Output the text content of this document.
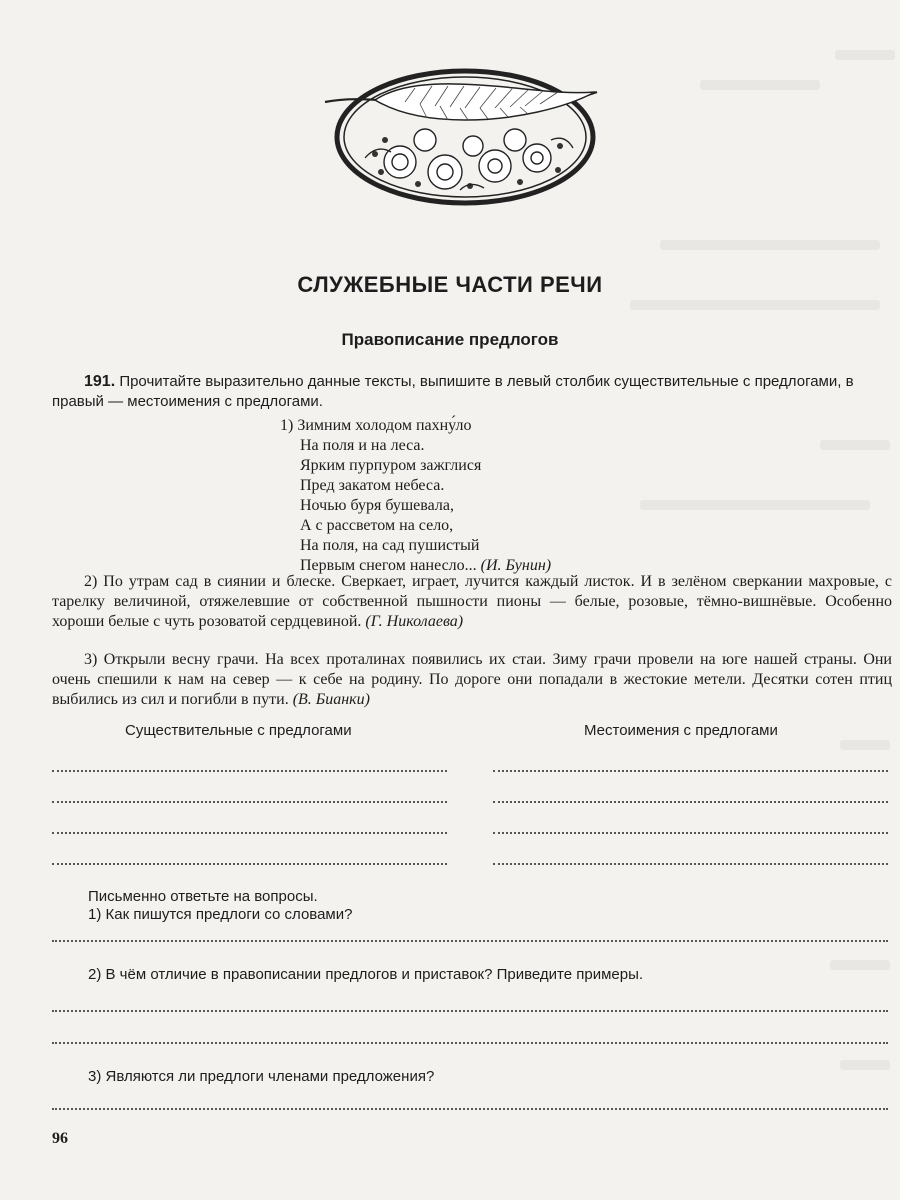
СЛУЖЕБНЫЕ ЧАСТИ РЕЧИ
Правописание предлогов
191. Прочитайте выразительно данные тексты, выпишите в левый столбик существительные с предлогами, в правый — местоимения с предлогами.
1) Зимним холодом пахну́ло
На поля и на леса.
Ярким пурпуром зажглися
Пред закатом небеса.
Ночью буря бушевала,
А с рассветом на село,
На поля, на сад пушистый
Первым снегом нанесло... (И. Бунин)
2) По утрам сад в сиянии и блеске. Сверкает, играет, лучится каждый листок. И в зелёном сверкании махровые, с тарелку величиной, отяжелевшие от собственной пышности пионы — белые, розовые, тёмно-вишнёвые. Особенно хороши белые с чуть розоватой сердцевиной. (Г. Николаева)
3) Открыли весну грачи. На всех проталинах появились их стаи. Зиму грачи провели на юге нашей страны. Они очень спешили к нам на север — к себе на родину. По дороге они попадали в жестокие метели. Десятки сотен птиц выбились из сил и погибли в пути. (В. Бианки)
Существительные с предлогами	Местоимения с предлогами
Письменно ответьте на вопросы.
1) Как пишутся предлоги со словами?
2) В чём отличие в правописании предлогов и приставок? Приведите примеры.
3) Являются ли предлоги членами предложения?
96
